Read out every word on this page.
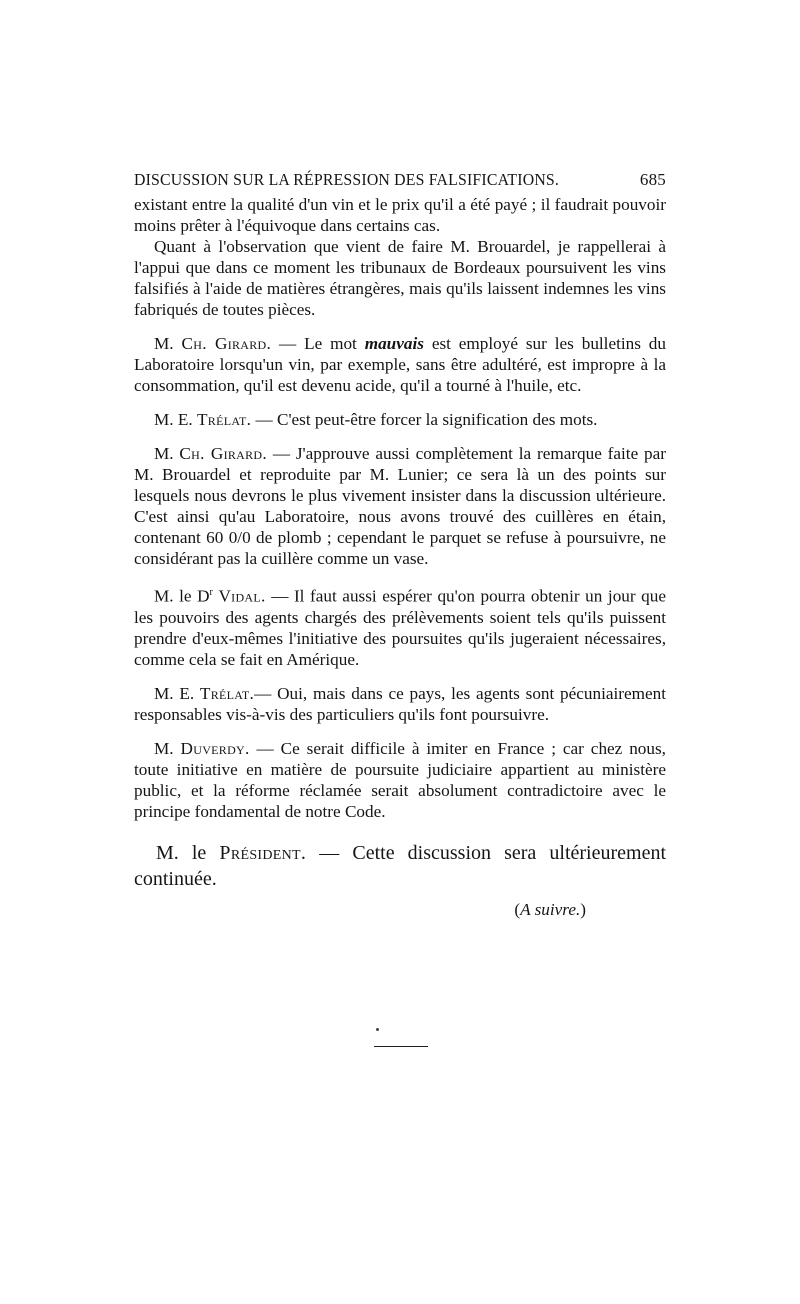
DISCUSSION SUR LA RÉPRESSION DES FALSIFICATIONS.	685

existant entre la qualité d'un vin et le prix qu'il a été payé ; il faudrait pouvoir moins prêter à l'équivoque dans certains cas.

Quant à l'observation que vient de faire M. Brouardel, je rappellerai à l'appui que dans ce moment les tribunaux de Bordeaux poursuivent les vins falsifiés à l'aide de matières étrangères, mais qu'ils laissent indemnes les vins fabriqués de toutes pièces.

M. Ch. Girard. — Le mot mauvais est employé sur les bulletins du Laboratoire lorsqu'un vin, par exemple, sans être adultéré, est impropre à la consommation, qu'il est devenu acide, qu'il a tourné à l'huile, etc.

M. E. Trélat. — C'est peut-être forcer la signification des mots.

M. Ch. Girard. — J'approuve aussi complètement la remarque faite par M. Brouardel et reproduite par M. Lunier; ce sera là un des points sur lesquels nous devrons le plus vivement insister dans la discussion ultérieure. C'est ainsi qu'au Laboratoire, nous avons trouvé des cuillères en étain, contenant 60 0/0 de plomb ; cependant le parquet se refuse à poursuivre, ne considérant pas la cuillère comme un vase.

M. le $D^r$ Vidal. — Il faut aussi espérer qu'on pourra obtenir un jour que les pouvoirs des agents chargés des prélèvements soient tels qu'ils puissent prendre d'eux-mêmes l'initiative des poursuites qu'ils jugeraient nécessaires, comme cela se fait en Amérique.

M. E. Trélat.— Oui, mais dans ce pays, les agents sont pécuniairement responsables vis-à-vis des particuliers qu'ils font poursuivre.

M. Duverdy. — Ce serait difficile à imiter en France ; car chez nous, toute initiative en matière de poursuite judiciaire appartient au ministère public, et la réforme réclamée serait absolument contradictoire avec le principe fondamental de notre Code.

M. le Président. — Cette discussion sera ultérieurement continuée.

(A suivre.)
